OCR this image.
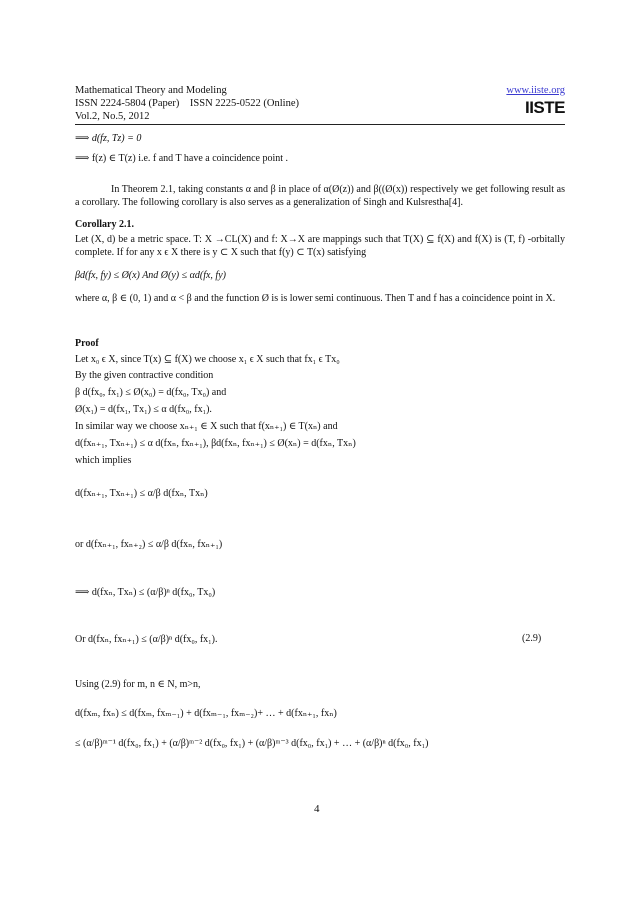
Mathematical Theory and Modeling
ISSN 2224-5804 (Paper)    ISSN 2225-0522 (Online)
Vol.2, No.5, 2012
www.iiste.org
IISTE
⟹ d(fz, Tz) = 0
⟹ f(z) ∈ T(z) i.e. f and T have a coincidence point .
In Theorem 2.1, taking constants α and β in place of α(Ø(z)) and β((Ø(x)) respectively we get following result as a corollary. The following corollary is also serves as a generalization of Singh and Kulsrestha[4].
Corollary 2.1.
Let (X, d) be a metric space. T: X →CL(X) and f: X→X are mappings such that T(X) ⊆ f(X) and f(X) is (T, f) -orbitally complete. If for any x ϵ X there is y ⊂ X such that f(y) ⊂ T(x) satisfying
βd(fx, fy) ≤ Ø(x) And Ø(y) ≤ αd(fx, fy)
where α, β ∈ (0, 1) and α < β and the function Ø is is lower semi continuous. Then T and f has a coincidence point in X.
Proof
Let x₀ ϵ X, since T(x) ⊆ f(X) we choose x₁ ϵ X such that fx₁ ϵ Tx₀
By the given contractive condition
β d(fx₀, fx₁) ≤ Ø(x₀) = d(fx₀, Tx₀) and
Ø(x₁) = d(fx₁, Tx₁) ≤ α d(fx₀, fx₁).
In similar way we choose xₙ₊₁ ∈ X such that f(xₙ₊₁) ∈ T(xₙ) and
d(fxₙ₊₁, Txₙ₊₁) ≤ α d(fxₙ, fxₙ₊₁), βd(fxₙ, fxₙ₊₁) ≤ Ø(xₙ) = d(fxₙ, Txₙ)
which implies
d(fxₙ₊₁, Txₙ₊₁) ≤ α/β d(fxₙ, Txₙ)
or d(fxₙ₊₁, fxₙ₊₂) ≤ α/β d(fxₙ, fxₙ₊₁)
⟹ d(fxₙ, Txₙ) ≤ (α/β)ⁿ d(fx₀, Tx₀)
Or d(fxₙ, fxₙ₊₁) ≤ (α/β)ⁿ d(fx₀, fx₁).	(2.9)
Using (2.9) for m, n ∈ N, m>n,
d(fxₘ, fxₙ) ≤ d(fxₘ, fxₘ₋₁) + d(fxₘ₋₁, fxₘ₋₂)+ … + d(fxₙ₊₁, fxₙ)
≤ (α/β)ᵐ⁻¹ d(fx₀, fx₁) + (α/β)ᵐ⁻² d(fx₀, fx₁) + (α/β)ᵐ⁻³ d(fx₀, fx₁) + … + (α/β)ⁿ d(fx₀, fx₁)
4
